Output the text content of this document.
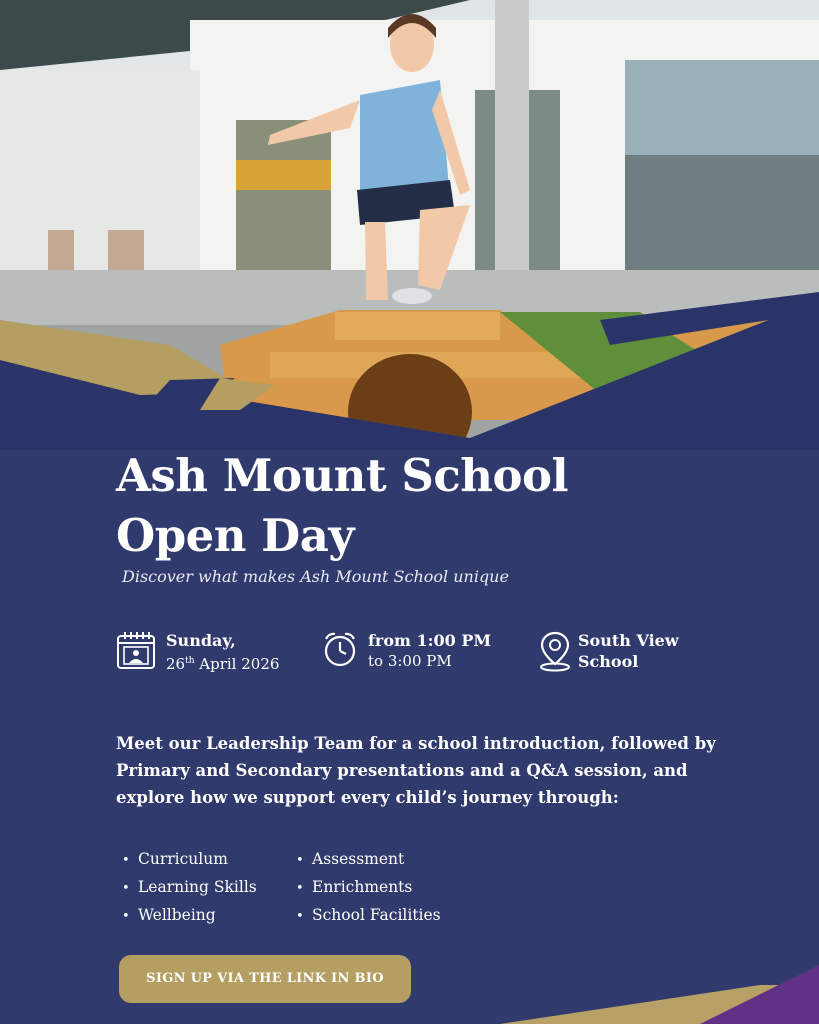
Ash Mount School
Open Day
Discover what makes Ash Mount School unique
Sunday,
26th April 2026
from 1:00 PM
to 3:00 PM
South View
School

Meet our Leadership Team for a school introduction, followed by Primary and Secondary presentations and a Q&A session, and explore how we support every child’s journey through:

• Curriculum
• Learning Skills
• Wellbeing
• Assessment
• Enrichments
• School Facilities
SIGN UP VIA THE LINK IN BIO
